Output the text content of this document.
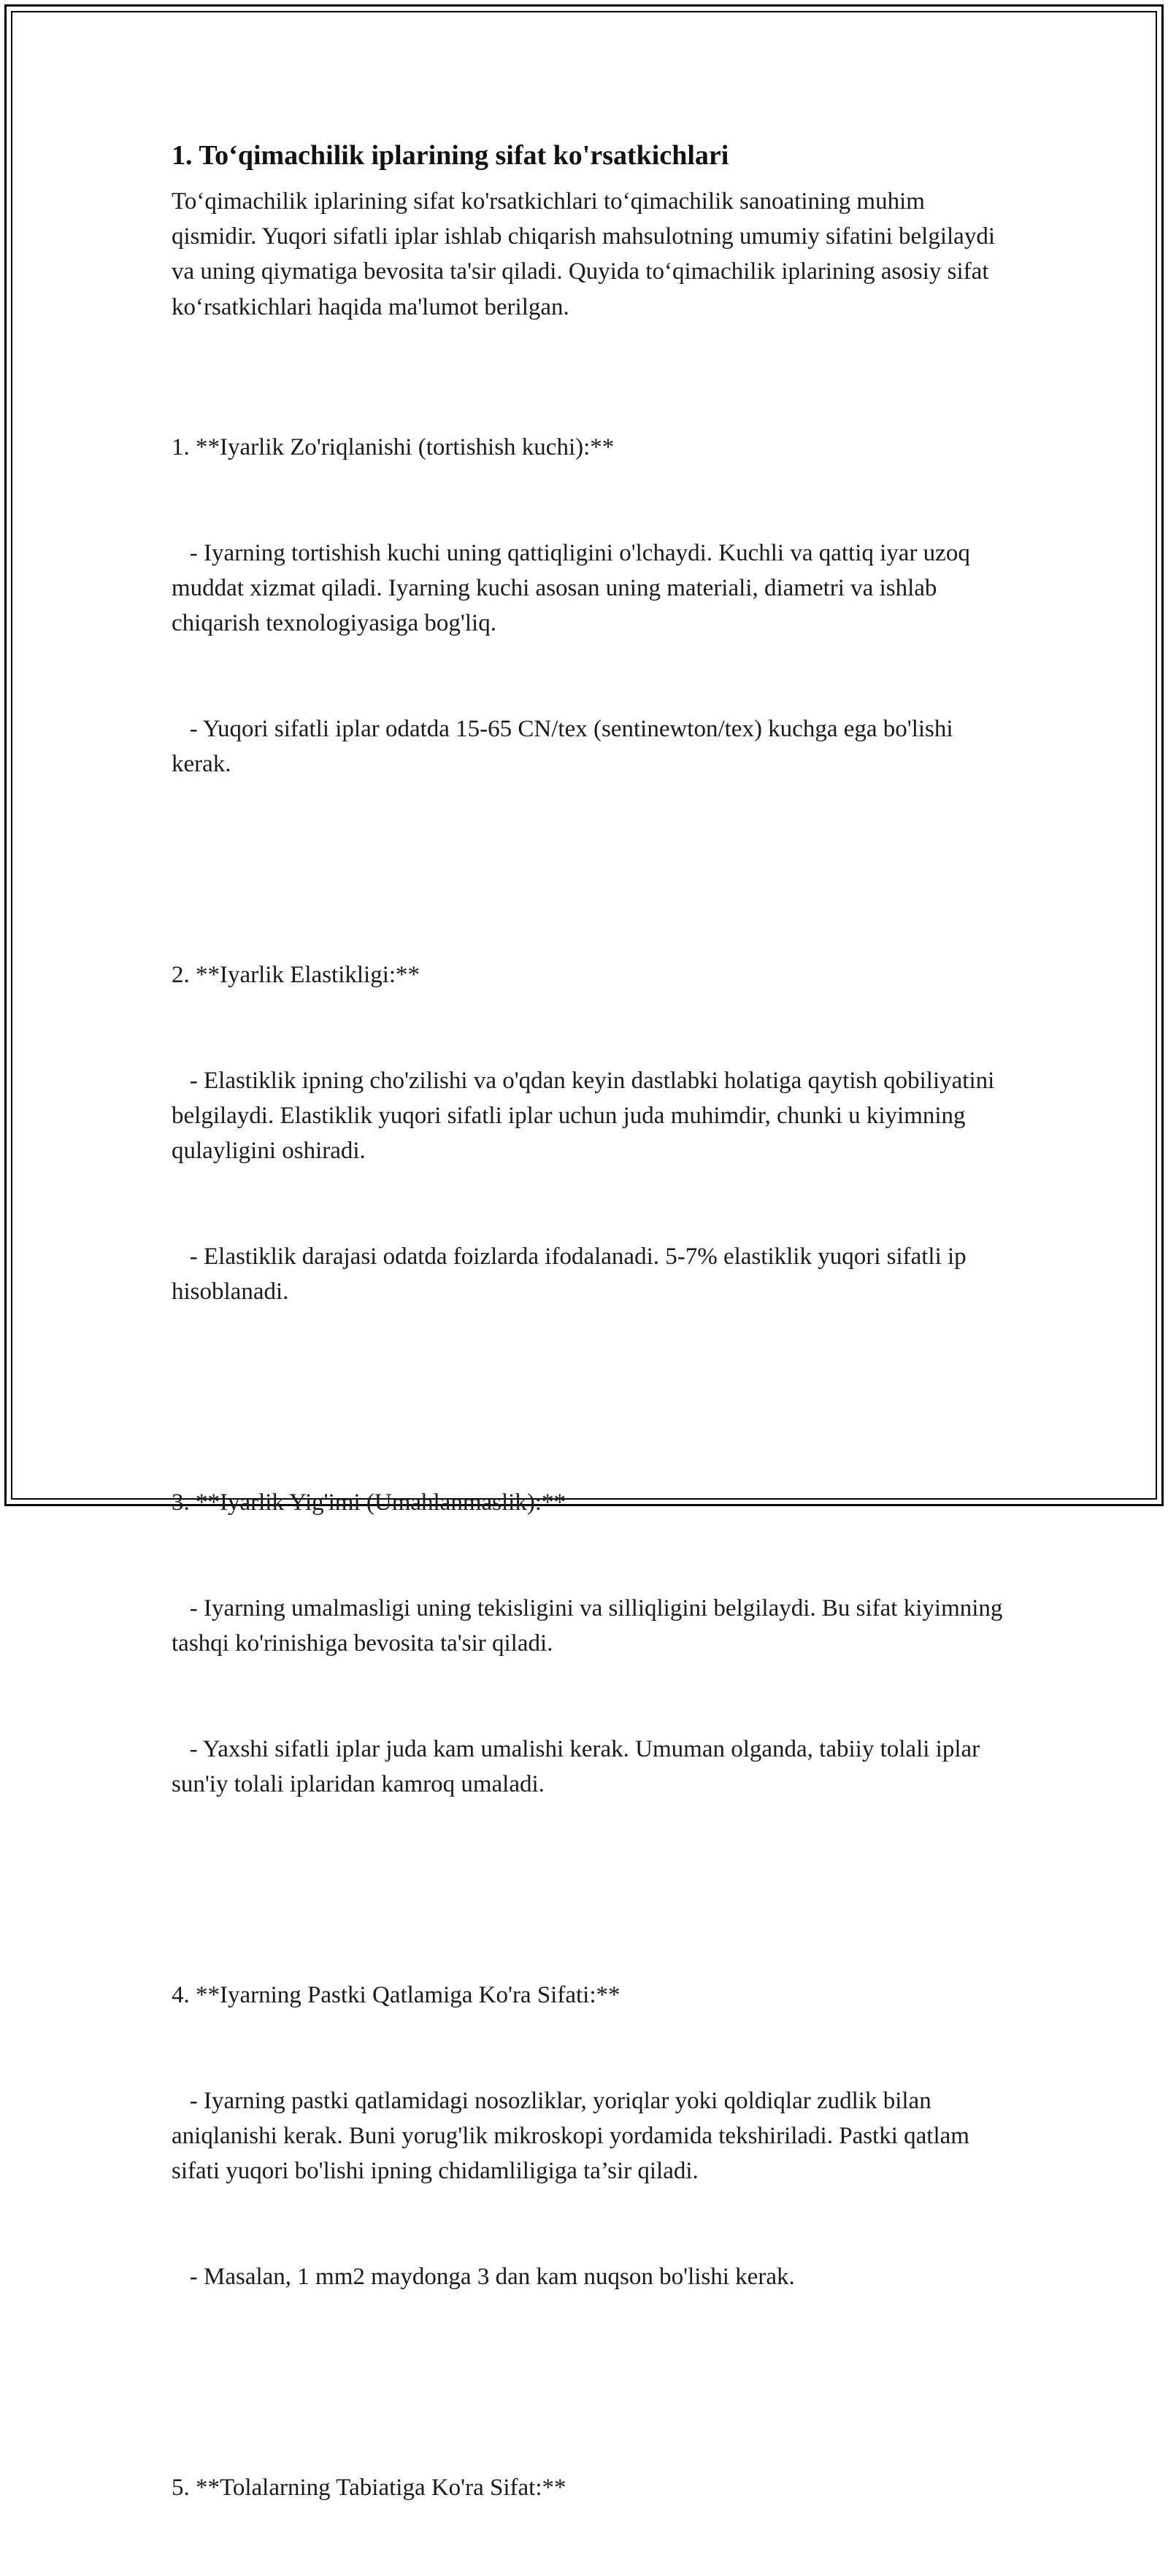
1. To‘qimachilik iplarining sifat ko'rsatkichlari

To‘qimachilik iplarining sifat ko'rsatkichlari to‘qimachilik sanoatining muhim qismidir. Yuqori sifatli iplar ishlab chiqarish mahsulotning umumiy sifatini belgilaydi va uning qiymatiga bevosita ta'sir qiladi. Quyida to‘qimachilik iplarining asosiy sifat ko‘rsatkichlari haqida ma'lumot berilgan.

1. **Iyarlik Zo'riqlanishi (tortishish kuchi):**

- Iyarning tortishish kuchi uning qattiqligini o'lchaydi. Kuchli va qattiq iyar uzoq muddat xizmat qiladi. Iyarning kuchi asosan uning materiali, diametri va ishlab chiqarish texnologiyasiga bog'liq.

- Yuqori sifatli iplar odatda 15-65 CN/tex (sentinewton/tex) kuchga ega bo'lishi kerak.

2. **Iyarlik Elastikligi:**

- Elastiklik ipning cho'zilishi va o'qdan keyin dastlabki holatiga qaytish qobiliyatini belgilaydi. Elastiklik yuqori sifatli iplar uchun juda muhimdir, chunki u kiyimning qulayligini oshiradi.

- Elastiklik darajasi odatda foizlarda ifodalanadi. 5-7% elastiklik yuqori sifatli ip hisoblanadi.

3. **Iyarlik Yig'imi (Umahlanmaslik):**

- Iyarning umalmasligi uning tekisligini va silliqligini belgilaydi. Bu sifat kiyimning tashqi ko'rinishiga bevosita ta'sir qiladi.

- Yaxshi sifatli iplar juda kam umalishi kerak. Umuman olganda, tabiiy tolali iplar sun'iy tolali iplaridan kamroq umaladi.

4. **Iyarning Pastki Qatlamiga Ko'ra Sifati:**

- Iyarning pastki qatlamidagi nosozliklar, yoriqlar yoki qoldiqlar zudlik bilan aniqlanishi kerak. Buni yorug'lik mikroskopi yordamida tekshiriladi. Pastki qatlam sifati yuqori bo'lishi ipning chidamliligiga ta’sir qiladi.

- Masalan, 1 mm2 maydonga 3 dan kam nuqson bo'lishi kerak.

5. **Tolalarning Tabiatiga Ko'ra Sifat:**
